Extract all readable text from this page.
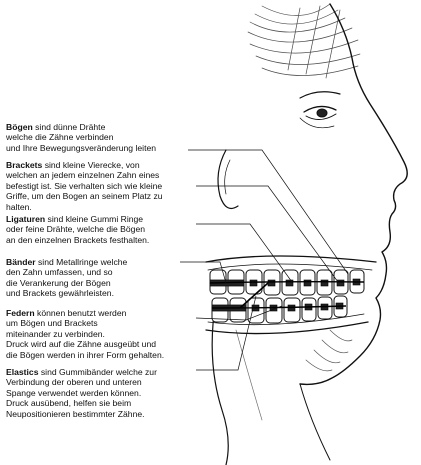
Bögen sind dünne Drähte
welche die Zähne verbinden
und Ihre Bewegungsveränderung leiten
Brackets sind kleine Vierecke, von
welchen an jedem einzelnen Zahn eines
befestigt ist. Sie verhalten sich wie kleine
Griffe, um den Bogen an seinem Platz zu
halten.
Ligaturen sind kleine Gummi Ringe
oder feine Drähte, welche die Bögen
an den einzelnen Brackets festhalten.
Bänder sind Metallringe welche
den Zahn umfassen, und so
die Verankerung der Bögen
und Brackets gewährleisten.
Federn können benutzt werden
um Bögen und Brackets
miteinander zu verbinden.
Druck wird auf die Zähne ausgeübt und
die Bögen werden in ihrer Form gehalten.
Elastics sind Gummibänder welche zur
Verbindung der oberen und unteren
Spange verwendet werden können.
Druck ausübend, helfen sie beim
Neupositionieren bestimmter Zähne.
